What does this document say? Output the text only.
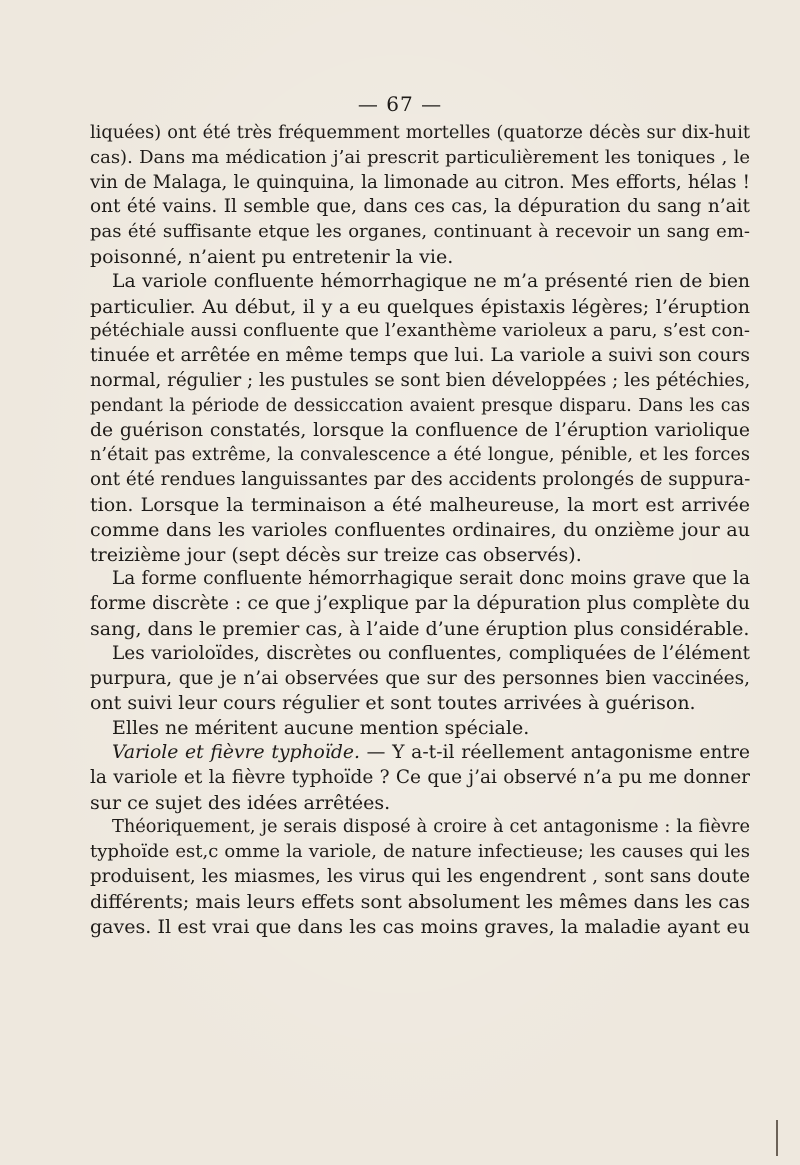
— 67 —
liquées) ont été très fréquemment mortelles (quatorze décès sur dix-huit
cas). Dans ma médication j’ai prescrit particulièrement les toniques , le
vin de Malaga, le quinquina, la limonade au citron. Mes efforts, hélas !
ont été vains. Il semble que, dans ces cas, la dépuration du sang n’ait
pas été suffisante etque les organes, continuant à recevoir un sang em-
poisonné, n’aient pu entretenir la vie.
La variole confluente hémorrhagique ne m’a présenté rien de bien
particulier. Au début, il y a eu quelques épistaxis légères; l’éruption
pétéchiale aussi confluente que l’exanthème varioleux a paru, s’est con-
tinuée et arrêtée en même temps que lui. La variole a suivi son cours
normal, régulier ; les pustules se sont bien développées ; les pétéchies,
pendant la période de dessiccation avaient presque disparu. Dans les cas
de guérison constatés, lorsque la confluence de l’éruption variolique
n’était pas extrême, la convalescence a été longue, pénible, et les forces
ont été rendues languissantes par des accidents prolongés de suppura-
tion. Lorsque la terminaison a été malheureuse, la mort est arrivée
comme dans les varioles confluentes ordinaires, du onzième jour au
treizième jour (sept décès sur treize cas observés).
La forme confluente hémorrhagique serait donc moins grave que la
forme discrète : ce que j’explique par la dépuration plus complète du
sang, dans le premier cas, à l’aide d’une éruption plus considérable.
Les varioloïdes, discrètes ou confluentes, compliquées de l’élément
purpura, que je n’ai observées que sur des personnes bien vaccinées,
ont suivi leur cours régulier et sont toutes arrivées à guérison.
Elles ne méritent aucune mention spéciale.
Variole et fièvre typhoïde. — Y a-t-il réellement antagonisme entre
la variole et la fièvre typhoïde ? Ce que j’ai observé n’a pu me donner
sur ce sujet des idées arrêtées.
Théoriquement, je serais disposé à croire à cet antagonisme : la fièvre
typhoïde est,c omme la variole, de nature infectieuse; les causes qui les
produisent, les miasmes, les virus qui les engendrent , sont sans doute
différents; mais leurs effets sont absolument les mêmes dans les cas
gaves. Il est vrai que dans les cas moins graves, la maladie ayant eu
